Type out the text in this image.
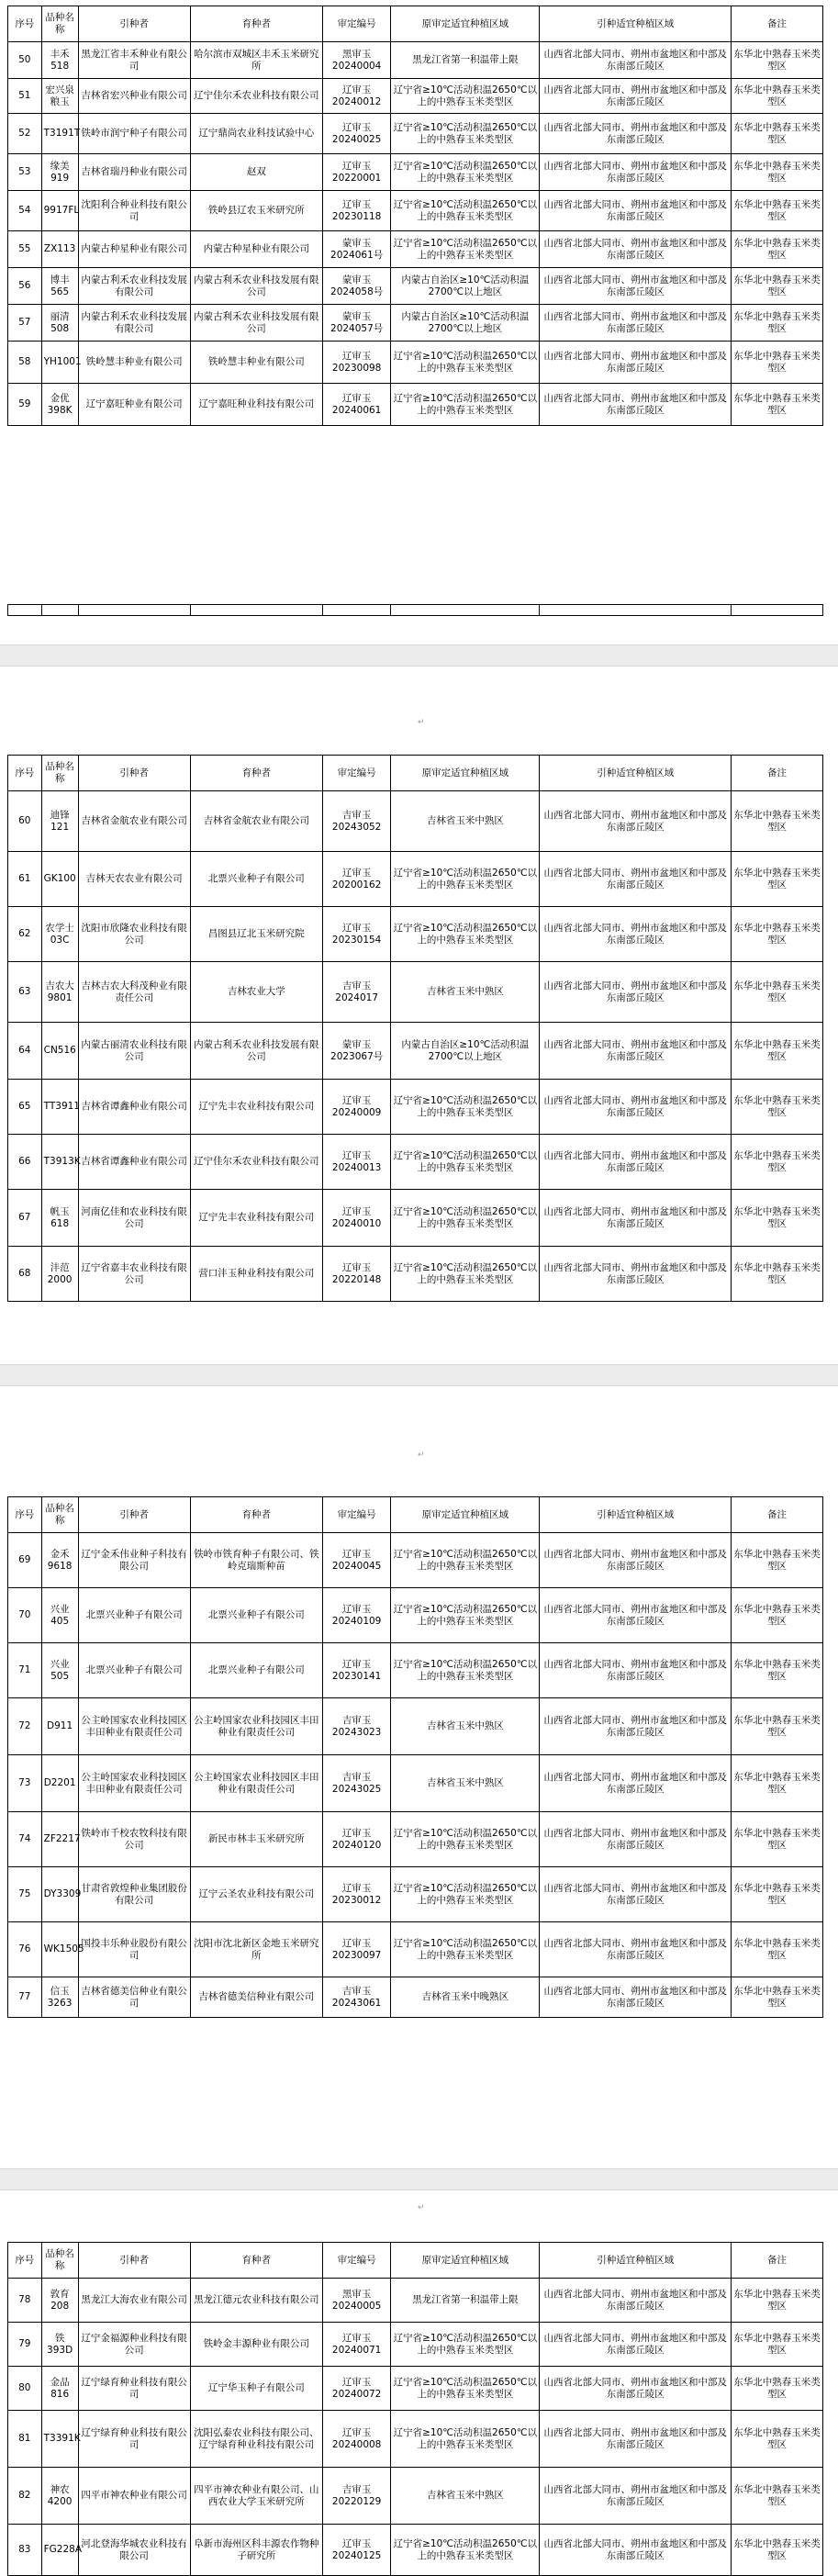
序号	品种名称	引种者	育种者	审定编号	原审定适宜种植区域	引种适宜种植区域	备注
50	丰禾518	黑龙江省丰禾种业有限公司	哈尔滨市双城区丰禾玉米研究所	黑审玉20240004	黑龙江省第一积温带上限	山西省北部大同市、朔州市盆地区和中部及东南部丘陵区	东华北中熟春玉米类型区
51	宏兴泉粮玉	吉林省宏兴种业有限公司	辽宁佳尔禾农业科技有限公司	辽审玉20240012	辽宁省≥10℃活动积温2650℃以上的中熟春玉米类型区	山西省北部大同市、朔州市盆地区和中部及东南部丘陵区	东华北中熟春玉米类型区
52	T3191T	铁岭市润宁种子有限公司	辽宁鼎尚农业科技试验中心	辽审玉20240025	辽宁省≥10℃活动积温2650℃以上的中熟春玉米类型区	山西省北部大同市、朔州市盆地区和中部及东南部丘陵区	东华北中熟春玉米类型区
53	缘美919	吉林省瑞丹种业有限公司	赵双	辽审玉20220001	辽宁省≥10℃活动积温2650℃以上的中熟春玉米类型区	山西省北部大同市、朔州市盆地区和中部及东南部丘陵区	东华北中熟春玉米类型区
54	9917FL	沈阳利合种业科技有限公司	铁岭县辽农玉米研究所	辽审玉20230118	辽宁省≥10℃活动积温2650℃以上的中熟春玉米类型区	山西省北部大同市、朔州市盆地区和中部及东南部丘陵区	东华北中熟春玉米类型区
55	ZX113	内蒙古种星种业有限公司	内蒙古种星种业有限公司	蒙审玉2024061号	辽宁省≥10℃活动积温2650℃以上的中熟春玉米类型区	山西省北部大同市、朔州市盆地区和中部及东南部丘陵区	东华北中熟春玉米类型区
56	博丰565	内蒙古利禾农业科技发展有限公司	内蒙古利禾农业科技发展有限公司	蒙审玉2024058号	内蒙古自治区≥10℃活动积温2700℃以上地区	山西省北部大同市、朔州市盆地区和中部及东南部丘陵区	东华北中熟春玉米类型区
57	丽清508	内蒙古利禾农业科技发展有限公司	内蒙古利禾农业科技发展有限公司	蒙审玉2024057号	内蒙古自治区≥10℃活动积温2700℃以上地区	山西省北部大同市、朔州市盆地区和中部及东南部丘陵区	东华北中熟春玉米类型区
58	YH1001	铁岭慧丰种业有限公司	铁岭慧丰种业有限公司	辽审玉20230098	辽宁省≥10℃活动积温2650℃以上的中熟春玉米类型区	山西省北部大同市、朔州市盆地区和中部及东南部丘陵区	东华北中熟春玉米类型区
59	金优398K	辽宁嘉旺种业有限公司	辽宁嘉旺种业科技有限公司	辽审玉20240061	辽宁省≥10℃活动积温2650℃以上的中熟春玉米类型区	山西省北部大同市、朔州市盆地区和中部及东南部丘陵区	东华北中熟春玉米类型区

↵
序号	品种名称	引种者	育种者	审定编号	原审定适宜种植区域	引种适宜种植区域	备注
60	迪锋121	吉林省金航农业有限公司	吉林省金航农业有限公司	吉审玉20243052	吉林省玉米中熟区	山西省北部大同市、朔州市盆地区和中部及东南部丘陵区	东华北中熟春玉米类型区
61	GK100	吉林天农农业有限公司	北票兴业种子有限公司	辽审玉20200162	辽宁省≥10℃活动积温2650℃以上的中熟春玉米类型区	山西省北部大同市、朔州市盆地区和中部及东南部丘陵区	东华北中熟春玉米类型区
62	农学士03C	沈阳市欣隆农业科技有限公司	昌图县辽北玉米研究院	辽审玉20230154	辽宁省≥10℃活动积温2650℃以上的中熟春玉米类型区	山西省北部大同市、朔州市盆地区和中部及东南部丘陵区	东华北中熟春玉米类型区
63	吉农大9801	吉林吉农大科茂种业有限责任公司	吉林农业大学	吉审玉2024017	吉林省玉米中熟区	山西省北部大同市、朔州市盆地区和中部及东南部丘陵区	东华北中熟春玉米类型区
64	CN516	内蒙古丽清农业科技有限公司	内蒙古利禾农业科技发展有限公司	蒙审玉2023067号	内蒙古自治区≥10℃活动积温2700℃以上地区	山西省北部大同市、朔州市盆地区和中部及东南部丘陵区	东华北中熟春玉米类型区
65	TT3911	吉林省谭鑫种业有限公司	辽宁先丰农业科技有限公司	辽审玉20240009	辽宁省≥10℃活动积温2650℃以上的中熟春玉米类型区	山西省北部大同市、朔州市盆地区和中部及东南部丘陵区	东华北中熟春玉米类型区
66	T3913K	吉林省谭鑫种业有限公司	辽宁佳尔禾农业科技有限公司	辽审玉20240013	辽宁省≥10℃活动积温2650℃以上的中熟春玉米类型区	山西省北部大同市、朔州市盆地区和中部及东南部丘陵区	东华北中熟春玉米类型区
67	帆玉618	河南亿佳和农业科技有限公司	辽宁先丰农业科技有限公司	辽审玉20240010	辽宁省≥10℃活动积温2650℃以上的中熟春玉米类型区	山西省北部大同市、朔州市盆地区和中部及东南部丘陵区	东华北中熟春玉米类型区
68	沣范2000	辽宁省嘉丰农业科技有限公司	营口沣玉种业科技有限公司	辽审玉20220148	辽宁省≥10℃活动积温2650℃以上的中熟春玉米类型区	山西省北部大同市、朔州市盆地区和中部及东南部丘陵区	东华北中熟春玉米类型区
↵
序号	品种名称	引种者	育种者	审定编号	原审定适宜种植区域	引种适宜种植区域	备注
69	金禾9618	辽宁金禾伟业种子科技有限公司	铁岭市铁育种子有限公司、铁岭克瑞斯种苗	辽审玉20240045	辽宁省≥10℃活动积温2650℃以上的中熟春玉米类型区	山西省北部大同市、朔州市盆地区和中部及东南部丘陵区	东华北中熟春玉米类型区
70	兴业405	北票兴业种子有限公司	北票兴业种子有限公司	辽审玉20240109	辽宁省≥10℃活动积温2650℃以上的中熟春玉米类型区	山西省北部大同市、朔州市盆地区和中部及东南部丘陵区	东华北中熟春玉米类型区
71	兴业505	北票兴业种子有限公司	北票兴业种子有限公司	辽审玉20230141	辽宁省≥10℃活动积温2650℃以上的中熟春玉米类型区	山西省北部大同市、朔州市盆地区和中部及东南部丘陵区	东华北中熟春玉米类型区
72	D911	公主岭国家农业科技园区丰田种业有限责任公司	公主岭国家农业科技园区丰田种业有限责任公司	吉审玉20243023	吉林省玉米中熟区	山西省北部大同市、朔州市盆地区和中部及东南部丘陵区	东华北中熟春玉米类型区
73	D2201	公主岭国家农业科技园区丰田种业有限责任公司	公主岭国家农业科技园区丰田种业有限责任公司	吉审玉20243025	吉林省玉米中熟区	山西省北部大同市、朔州市盆地区和中部及东南部丘陵区	东华北中熟春玉米类型区
74	ZF2217	铁岭市千校农牧科技有限公司	新民市林丰玉米研究所	辽审玉20240120	辽宁省≥10℃活动积温2650℃以上的中熟春玉米类型区	山西省北部大同市、朔州市盆地区和中部及东南部丘陵区	东华北中熟春玉米类型区
75	DY3309	甘肃省敦煌种业集团股份有限公司	辽宁云圣农业科技有限公司	辽审玉20230012	辽宁省≥10℃活动积温2650℃以上的中熟春玉米类型区	山西省北部大同市、朔州市盆地区和中部及东南部丘陵区	东华北中熟春玉米类型区
76	WK1505	国投丰乐种业股份有限公司	沈阳市沈北新区金地玉米研究所	辽审玉20230097	辽宁省≥10℃活动积温2650℃以上的中熟春玉米类型区	山西省北部大同市、朔州市盆地区和中部及东南部丘陵区	东华北中熟春玉米类型区
77	信玉3263	吉林省德美信种业有限公司	吉林省德美信种业有限公司	吉审玉20243061	吉林省玉米中晚熟区	山西省北部大同市、朔州市盆地区和中部及东南部丘陵区	东华北中熟春玉米类型区
↵
序号	品种名称	引种者	育种者	审定编号	原审定适宜种植区域	引种适宜种植区域	备注
78	敦育208	黑龙江大海农业有限公司	黑龙江德元农业科技有限公司	黑审玉20240005	黑龙江省第一积温带上限	山西省北部大同市、朔州市盆地区和中部及东南部丘陵区	东华北中熟春玉米类型区
79	铁393D	辽宁金福源种业科技有限公司	铁岭金丰源种业有限公司	辽审玉20240071	辽宁省≥10℃活动积温2650℃以上的中熟春玉米类型区	山西省北部大同市、朔州市盆地区和中部及东南部丘陵区	东华北中熟春玉米类型区
80	金品816	辽宁绿育种业科技有限公司	辽宁华玉种子有限公司	辽审玉20240072	辽宁省≥10℃活动积温2650℃以上的中熟春玉米类型区	山西省北部大同市、朔州市盆地区和中部及东南部丘陵区	东华北中熟春玉米类型区
81	T3391K	辽宁绿育种业科技有限公司	沈阳弘泰农业科技有限公司、辽宁绿育种业科技有限公司	辽审玉20240008	辽宁省≥10℃活动积温2650℃以上的中熟春玉米类型区	山西省北部大同市、朔州市盆地区和中部及东南部丘陵区	东华北中熟春玉米类型区
82	神农4200	四平市神农种业有限公司	四平市神农种业有限公司、山西农业大学玉米研究所	吉审玉20220129	吉林省玉米中熟区	山西省北部大同市、朔州市盆地区和中部及东南部丘陵区	东华北中熟春玉米类型区
83	FG228A	河北登海华城农业科技有限公司	阜新市海州区科丰源农作物种子研究所	辽审玉20240125	辽宁省≥10℃活动积温2650℃以上的中熟春玉米类型区	山西省北部大同市、朔州市盆地区和中部及东南部丘陵区	东华北中熟春玉米类型区
